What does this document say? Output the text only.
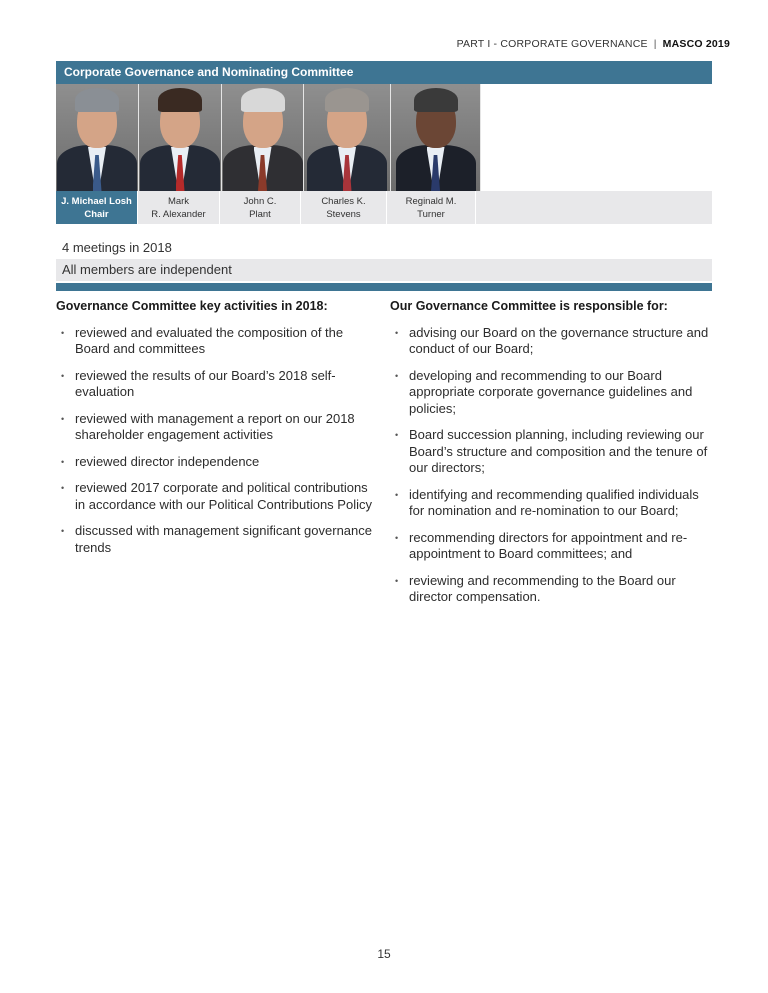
PART I - CORPORATE GOVERNANCE | MASCO 2019
Corporate Governance and Nominating Committee
J. Michael Losh
Chair
Mark
R. Alexander
John C.
Plant
Charles K.
Stevens
Reginald M.
Turner
4 meetings in 2018
All members are independent
Governance Committee key activities in 2018:
• reviewed and evaluated the composition of the Board and committees
• reviewed the results of our Board’s 2018 self-evaluation
• reviewed with management a report on our 2018 shareholder engagement activities
• reviewed director independence
• reviewed 2017 corporate and political contributions in accordance with our Political Contributions Policy
• discussed with management significant governance trends
Our Governance Committee is responsible for:
• advising our Board on the governance structure and conduct of our Board;
• developing and recommending to our Board appropriate corporate governance guidelines and policies;
• Board succession planning, including reviewing our Board’s structure and composition and the tenure of our directors;
• identifying and recommending qualified individuals for nomination and re-nomination to our Board;
• recommending directors for appointment and re-appointment to Board committees; and
• reviewing and recommending to the Board our director compensation.
15
